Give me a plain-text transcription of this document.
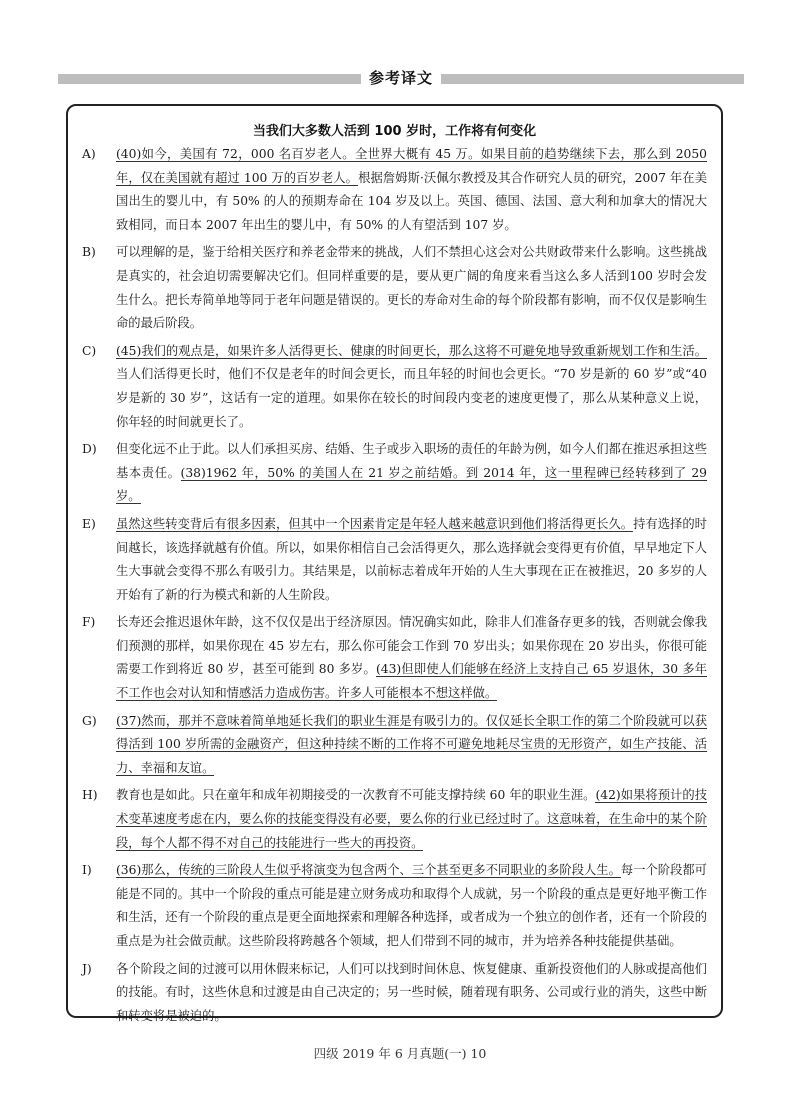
参考译文
当我们大多数人活到 100 岁时，工作将有何变化
A) (40)如今，美国有 72，000 名百岁老人。全世界大概有 45 万。如果目前的趋势继续下去，那么到 2050 年，仅在美国就有超过 100 万的百岁老人。根据詹姆斯·沃佩尔教授及其合作研究人员的研究，2007 年在美国出生的婴儿中，有 50% 的人的预期寿命在 104 岁及以上。英国、德国、法国、意大利和加拿大的情况大致相同，而日本 2007 年出生的婴儿中，有 50% 的人有望活到 107 岁。
B) 可以理解的是，鉴于给相关医疗和养老金带来的挑战，人们不禁担心这会对公共财政带来什么影响。这些挑战是真实的，社会迫切需要解决它们。但同样重要的是，要从更广阔的角度来看当这么多人活到100 岁时会发生什么。把长寿简单地等同于老年问题是错误的。更长的寿命对生命的每个阶段都有影响，而不仅仅是影响生命的最后阶段。
C) (45)我们的观点是，如果许多人活得更长、健康的时间更长，那么这将不可避免地导致重新规划工作和生活。当人们活得更长时，他们不仅是老年的时间会更长，而且年轻的时间也会更长。“70 岁是新的 60 岁”或“40 岁是新的 30 岁”，这话有一定的道理。如果你在较长的时间段内变老的速度更慢了，那么从某种意义上说，你年轻的时间就更长了。
D) 但变化远不止于此。以人们承担买房、结婚、生子或步入职场的责任的年龄为例，如今人们都在推迟承担这些基本责任。(38)1962 年，50% 的美国人在 21 岁之前结婚。到 2014 年，这一里程碑已经转移到了 29 岁。
E) 虽然这些转变背后有很多因素，但其中一个因素肯定是年轻人越来越意识到他们将活得更长久。持有选择的时间越长，该选择就越有价值。所以，如果你相信自己会活得更久，那么选择就会变得更有价值，早早地定下人生大事就会变得不那么有吸引力。其结果是，以前标志着成年开始的人生大事现在正在被推迟，20 多岁的人开始有了新的行为模式和新的人生阶段。
F) 长寿还会推迟退休年龄，这不仅仅是出于经济原因。情况确实如此，除非人们准备存更多的钱，否则就会像我们预测的那样，如果你现在 45 岁左右，那么你可能会工作到 70 岁出头；如果你现在 20 岁出头，你很可能需要工作到将近 80 岁，甚至可能到 80 多岁。(43)但即使人们能够在经济上支持自己 65 岁退休，30 多年不工作也会对认知和情感活力造成伤害。许多人可能根本不想这样做。
G) (37)然而，那并不意味着简单地延长我们的职业生涯是有吸引力的。仅仅延长全职工作的第二个阶段就可以获得活到 100 岁所需的金融资产，但这种持续不断的工作将不可避免地耗尽宝贵的无形资产，如生产技能、活力、幸福和友谊。
H) 教育也是如此。只在童年和成年初期接受的一次教育不可能支撑持续 60 年的职业生涯。(42)如果将预计的技术变革速度考虑在内，要么你的技能变得没有必要，要么你的行业已经过时了。这意味着，在生命中的某个阶段，每个人都不得不对自己的技能进行一些大的再投资。
I) (36)那么，传统的三阶段人生似乎将演变为包含两个、三个甚至更多不同职业的多阶段人生。每一个阶段都可能是不同的。其中一个阶段的重点可能是建立财务成功和取得个人成就，另一个阶段的重点是更好地平衡工作和生活，还有一个阶段的重点是更全面地探索和理解各种选择，或者成为一个独立的创作者，还有一个阶段的重点是为社会做贡献。这些阶段将跨越各个领域，把人们带到不同的城市，并为培养各种技能提供基础。
J) 各个阶段之间的过渡可以用休假来标记，人们可以找到时间休息、恢复健康、重新投资他们的人脉或提高他们的技能。有时，这些休息和过渡是由自己决定的；另一些时候，随着现有职务、公司或行业的消失，这些中断和转变将是被迫的。
四级 2019 年 6 月真题(一) 10
